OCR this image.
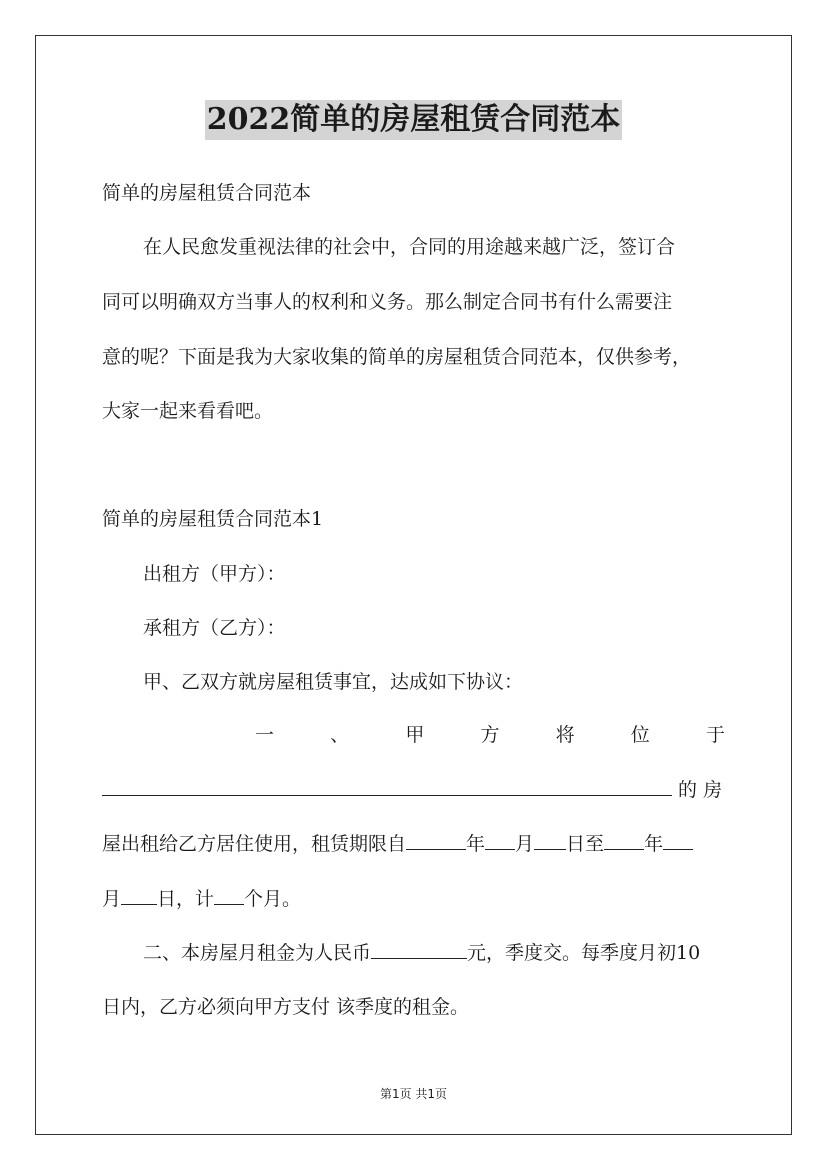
2022简单的房屋租赁合同范本
简单的房屋租赁合同范本
在人民愈发重视法律的社会中，合同的用途越来越广泛，签订合
同可以明确双方当事人的权利和义务。那么制定合同书有什么需要注
意的呢？下面是我为大家收集的简单的房屋租赁合同范本，仅供参考，
大家一起来看看吧。
简单的房屋租赁合同范本1
出租方（甲方）：
承租方（乙方）：
甲、乙双方就房屋租赁事宜，达成如下协议：
一	、	甲	方	将	位	于
的 房
屋出租给乙方居住使用，租赁期限自	年 月 日至 年
月 日，计 个月。
二、本房屋月租金为人民币	元，季度交。每季度月初10
日内，乙方必须向甲方支付 该季度的租金。
第1页 共1页
